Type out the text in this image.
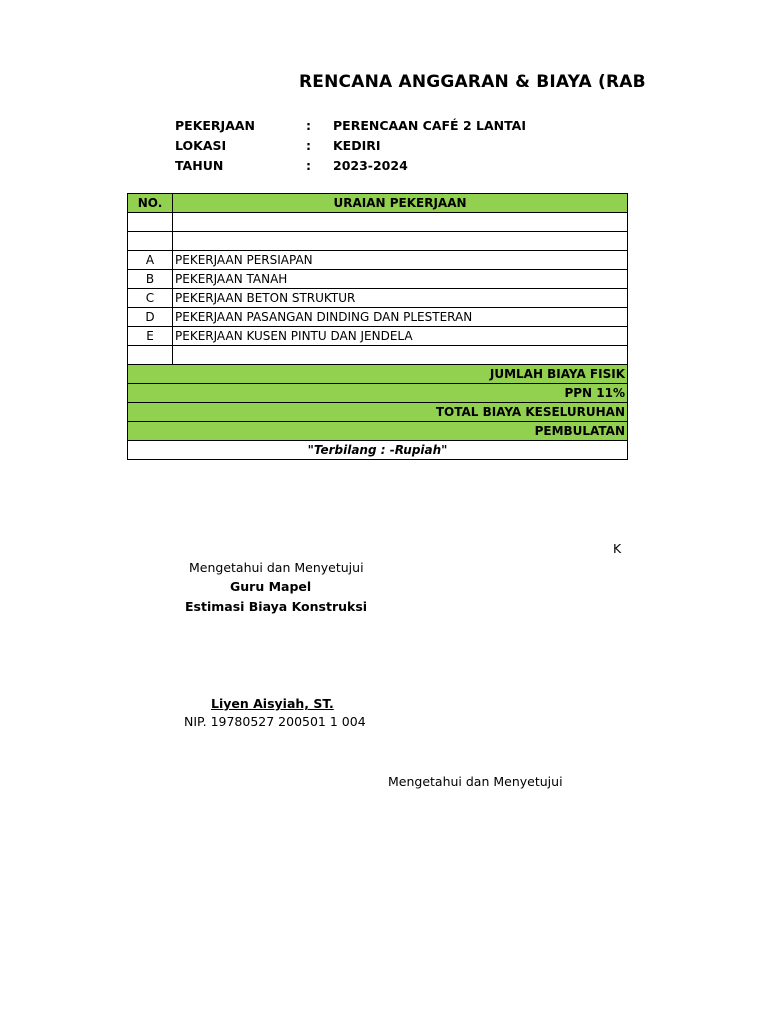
RENCANA ANGGARAN & BIAYA (RAB
PEKERJAAN	: PERENCAAN CAFÉ 2 LANTAI
LOKASI	: KEDIRI
TAHUN	: 2023-2024
NO.	URAIAN PEKERJAAN

A	PEKERJAAN PERSIAPAN
B	PEKERJAAN TANAH
C	PEKERJAAN BETON STRUKTUR
D	PEKERJAAN PASANGAN DINDING DAN PLESTERAN
E	PEKERJAAN KUSEN PINTU DAN JENDELA

JUMLAH BIAYA FISIK	
PPN 11%	
TOTAL BIAYA KESELURUHAN	
PEMBULATAN	
"Terbilang : -Rupiah"	
K
Mengetahui dan Menyetujui
Guru Mapel
Estimasi Biaya Konstruksi
Liyen Aisyiah, ST.
NIP. 19780527 200501 1 004
Mengetahui dan Menyetujui
